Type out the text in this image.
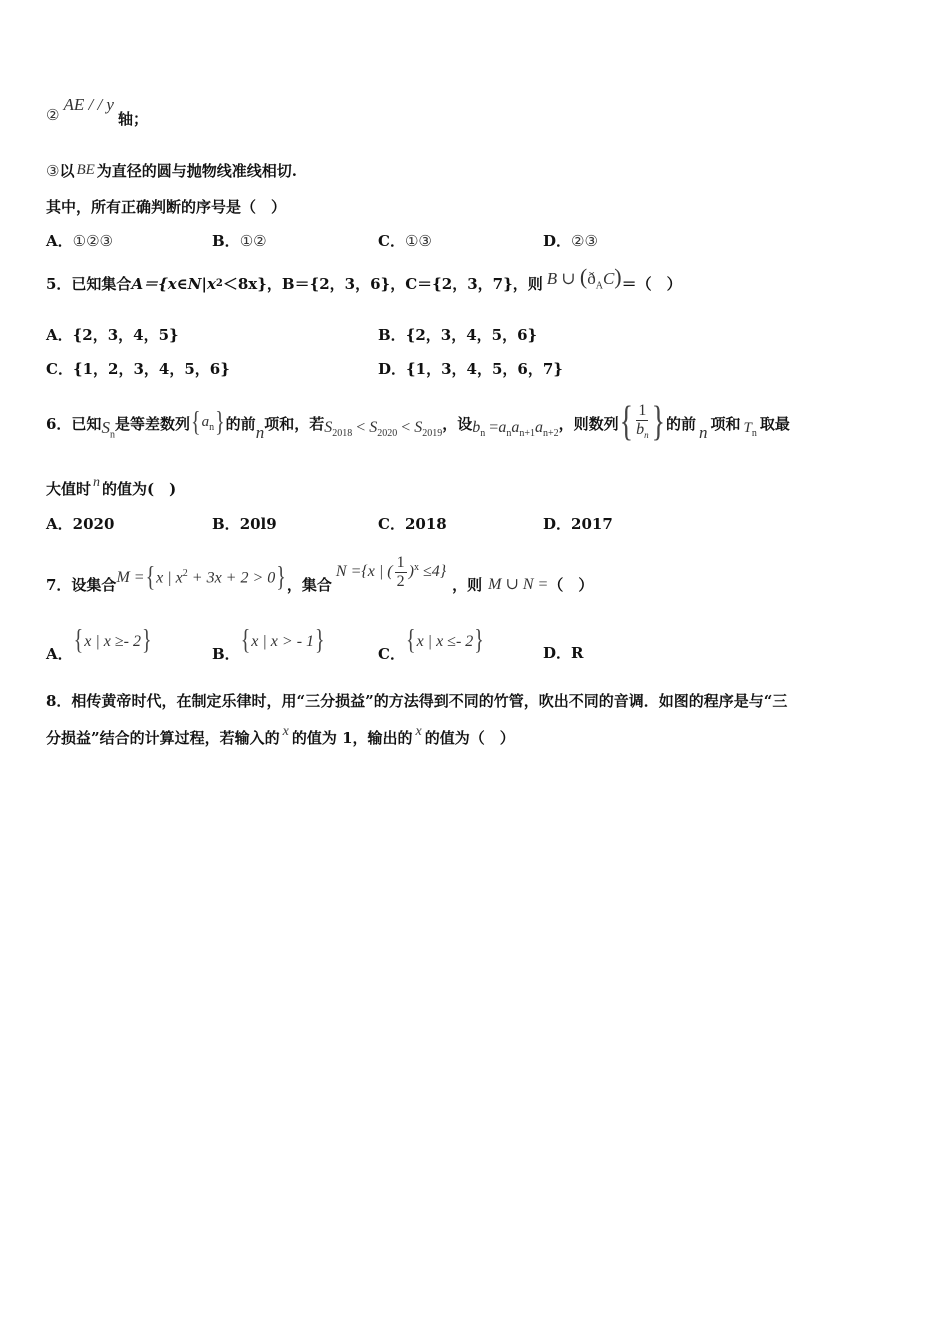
②
AE / / y
轴；
③ 以 BE 为直径的圆与抛物线准线相切.
其中，所有正确判断的序号是（　）
A． ①②③	B． ①②	C． ①③	D． ②③
5．已知集合 A＝{x∈N|x 2 ＜8x}， B＝{2，3，6}， C＝{2，3，7}，则 B ∪ $(ð_AC)$ ＝（　）
A． {2，3，4，5}	B． {2，3，4，5，6}
C． {1，2，3，4，5，6}	D． {1，3，4，5，6，7}
6．已知 $S_n$
是等差数列 { $a_n$ } 的前 n 项和，若 $S_{2018} < S_{2020} < S_{2019}$
，设 $b_n =a_na_{n+1}a_{n+2}$
，则数列 { $\frac{1}{b_n}$ } 的前 n 项和 $T_n$
取最
大值时 n 的值为(　)
A． 2020	B． 20l9	C． 2018	D． 2017
7．设集合 M = { x | $x^2 + 3x + 2 > 0$ } ，集合
N ={x | ( $\frac{1}{2} )^x \le 4$}
，则 M ∪ N = （　）
A． { x | x ≥- 2 }	B． { x | x > - 1 }	C． { x | x ≤- 2 }	D． R
8．相传黄帝时代，在制定乐律时，用“三分损益”的方法得到不同的竹管，吹出不同的音调．如图的程序是与“三
分损益”结合的计算过程，若输入的 x 的值为 1，输出的 x 的值为（　）
